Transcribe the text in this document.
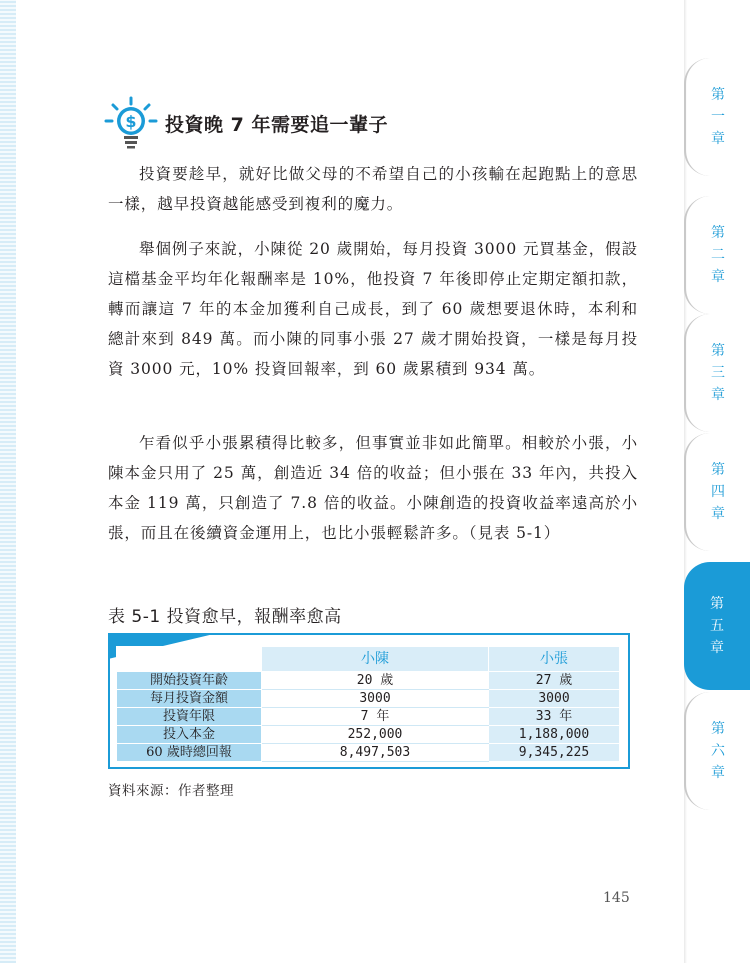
第
一
章
第
二
章
第
三
章
第
四
章
第
五
章
第
六
章
$ 投資晚 7 年需要追一輩子

投資要趁早，就好比做父母的不希望自己的小孩輸在起跑點上的意思一樣，越早投資越能感受到複利的魔力。

舉個例子來說，小陳從 20 歲開始，每月投資 3000 元買基金，假設這檔基金平均年化報酬率是 10%，他投資 7 年後即停止定期定額扣款，轉而讓這 7 年的本金加獲利自己成長，到了 60 歲想要退休時，本利和總計來到 849 萬。而小陳的同事小張 27 歲才開始投資，一樣是每月投資 3000 元，10% 投資回報率，到 60 歲累積到 934 萬。

乍看似乎小張累積得比較多，但事實並非如此簡單。相較於小張，小陳本金只用了 25 萬，創造近 34 倍的收益；但小張在 33 年內，共投入本金 119 萬，只創造了 7.8 倍的收益。小陳創造的投資收益率遠高於小張，而且在後續資金運用上，也比小張輕鬆許多。（見表 5-1）

表 5-1 投資愈早，報酬率愈高
	小陳	小張
開始投資年齡	20 歲	27 歲
每月投資金額	3000	3000
投資年限	7 年	33 年
投入本金	252,000	1,188,000
60 歲時總回報	8,497,503	9,345,225
資料來源：作者整理
145
